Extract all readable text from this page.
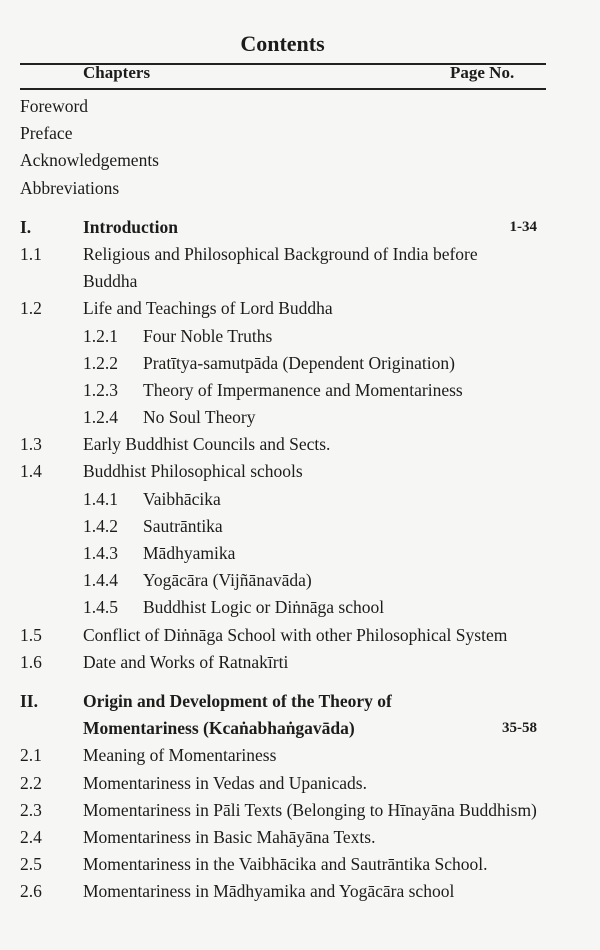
Contents
Chapters	Page No.
Foreword
Preface
Acknowledgements
Abbreviations
I.	Introduction	1-34
1.1 Religious and Philosophical Background of India before
Buddha
1.2 Life and Teachings of Lord Buddha
1.2.1 Four Noble Truths
1.2.2 Pratītya-samutpāda (Dependent Origination)
1.2.3 Theory of Impermanence and Momentariness
1.2.4 No Soul Theory
1.3 Early Buddhist Councils and Sects.
1.4 Buddhist Philosophical schools
1.4.1 Vaibhācika
1.4.2 Sautrāntika
1.4.3 Mādhyamika
1.4.4 Yogācāra (Vijñānavāda)
1.4.5 Buddhist Logic or Diṅnāga school
1.5 Conflict of Diṅnāga School with other Philosophical System
1.6 Date and Works of Ratnakīrti
II.	Origin and Development of the Theory of
Momentariness (Kcaṅabhaṅgavāda)	35-58
2.1 Meaning of Momentariness
2.2 Momentariness in Vedas and Upanicads.
2.3 Momentariness in Pāli Texts (Belonging to Hīnayāna Buddhism)
2.4 Momentariness in Basic Mahāyāna Texts.
2.5 Momentariness in the Vaibhācika and Sautrāntika School.
2.6 Momentariness in Mādhyamika and Yogācāra school
